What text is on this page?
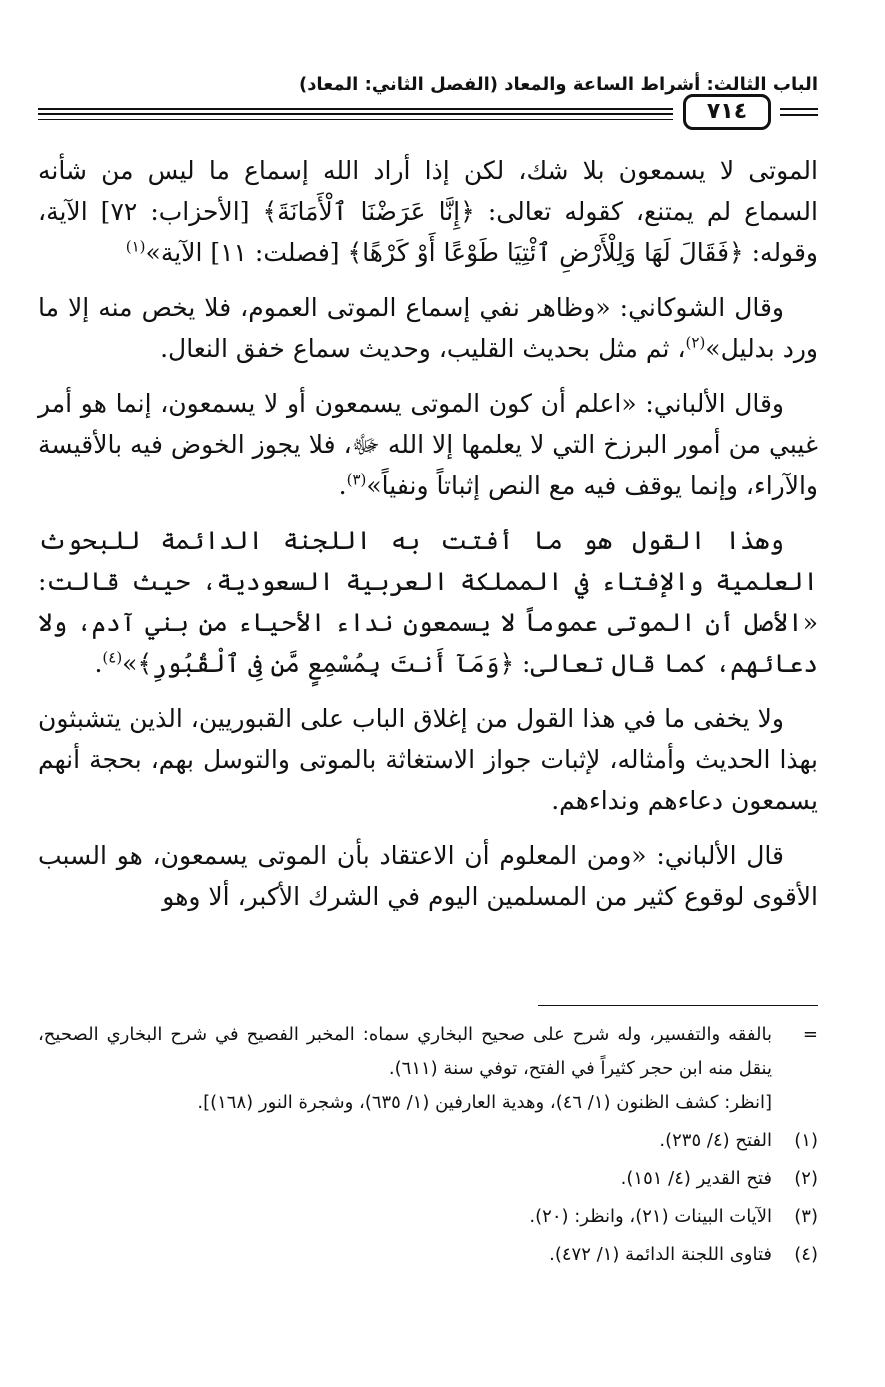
الباب الثالث: أشراط الساعة والمعاد (الفصل الثاني: المعاد)
٧١٤

الموتى لا يسمعون بلا شك، لكن إذا أراد الله إسماع ما ليس من شأنه السماع لم يمتنع، كقوله تعالى: ﴿إِنَّا عَرَضْنَا ٱلْأَمَانَةَ﴾ [الأحزاب: ٧٢] الآية، وقوله: ﴿فَقَالَ لَهَا وَلِلْأَرْضِ ٱئْتِيَا طَوْعًا أَوْ كَرْهًا﴾ [فصلت: ١١] الآية»$^{(١)}$

وقال الشوكاني: «وظاهر نفي إسماع الموتى العموم، فلا يخص منه إلا ما ورد بدليل»$^{(٢)}$، ثم مثل بحديث القليب، وحديث سماع خفق النعال.

وقال الألباني: «اعلم أن كون الموتى يسمعون أو لا يسمعون، إنما هو أمر غيبي من أمور البرزخ التي لا يعلمها إلا الله ﷻ، فلا يجوز الخوض فيه بالأقيسة والآراء، وإنما يوقف فيه مع النص إثباتاً ونفياً»$^{(٣)}$.

وهذا القول هو ما أفتت به اللجنة الدائمة للبحوث العلمية والإفتاء في المملكة العربية السعودية، حيث قالت: «الأصل أن الموتى عموماً لا يسمعون نداء الأحياء من بني آدم، ولا دعائهم، كما قال تعالى: ﴿وَمَآ أَنتَ بِمُسْمِعٍ مَّن فِى ٱلْقُبُورِ﴾»$^{(٤)}$.

ولا يخفى ما في هذا القول من إغلاق الباب على القبوريين، الذين يتشبثون بهذا الحديث وأمثاله، لإثبات جواز الاستغاثة بالموتى والتوسل بهم، بحجة أنهم يسمعون دعاءهم ونداءهم.

قال الألباني: «ومن المعلوم أن الاعتقاد بأن الموتى يسمعون، هو السبب الأقوى لوقوع كثير من المسلمين اليوم في الشرك الأكبر، ألا وهو

=
بالفقه والتفسير، وله شرح على صحيح البخاري سماه: المخبر الفصيح في شرح البخاري الصحيح، ينقل منه ابن حجر كثيراً في الفتح، توفي سنة (٦١١).
[انظر: كشف الظنون (١/ ٤٦)، وهدية العارفين (١/ ٦٣٥)، وشجرة النور (١٦٨)].
(١)
الفتح (٤/ ٢٣٥).
(٢)
فتح القدير (٤/ ١٥١).
(٣)
الآيات البينات (٢١)، وانظر: (٢٠).
(٤)
فتاوى اللجنة الدائمة (١/ ٤٧٢).
